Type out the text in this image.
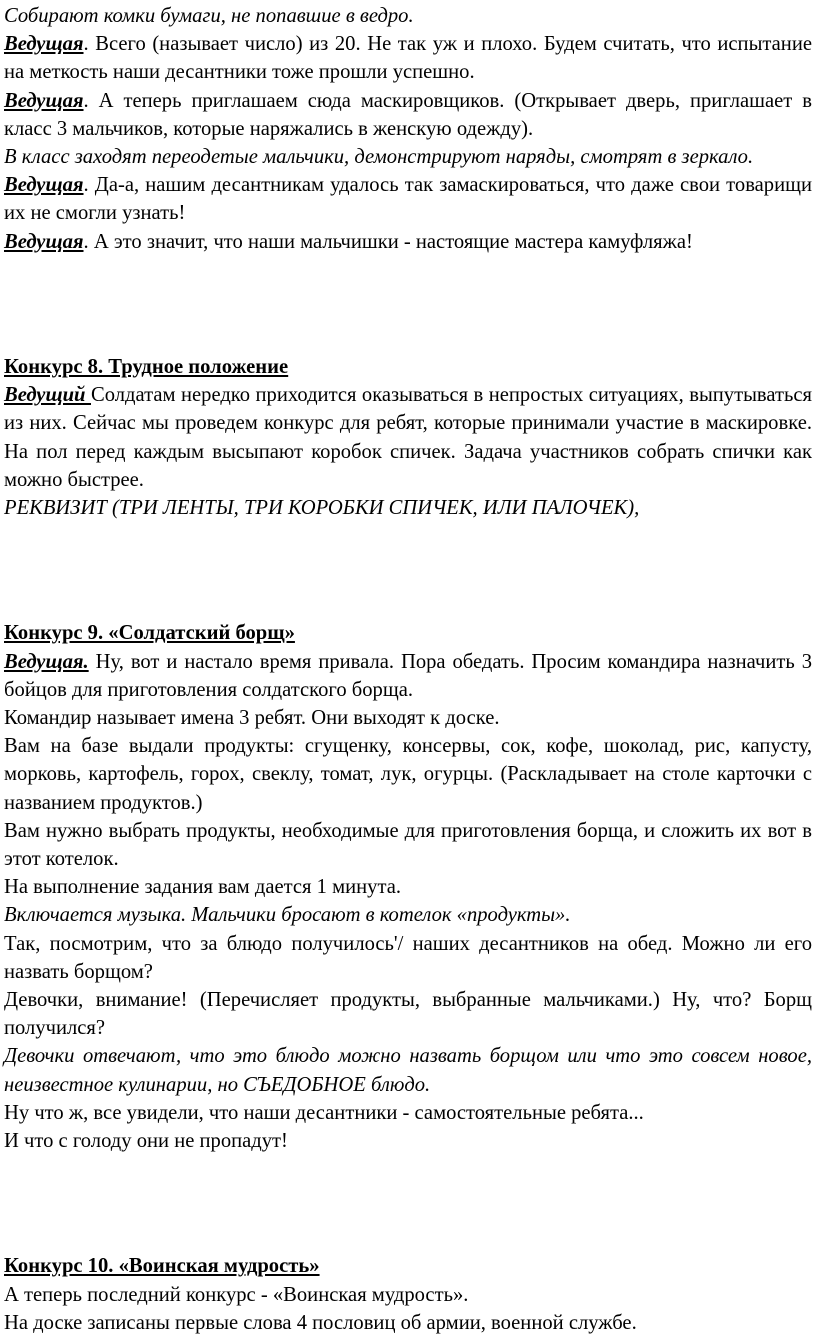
Собирают комки бумаги, не попавшие в ведро.

Ведущая. Всего (называет число) из 20. Не так уж и плохо. Будем считать, что испытание на меткость наши десантники тоже прошли успешно.

Ведущая. А теперь приглашаем сюда маскировщиков. (Открывает дверь, приглашает в класс 3 мальчиков, которые наряжались в женскую одежду).

В класс заходят переодетые мальчики, демонстрируют наряды, смотрят в зеркало.

Ведущая. Да-а, нашим десантникам удалось так замаскироваться, что даже свои товарищи их не смогли узнать!

Ведущая. А это значит, что наши мальчишки - настоящие мастера камуфляжа!

Конкурс 8. Трудное положение

Ведущий Солдатам нередко приходится оказываться в непростых ситуациях, выпутываться из них. Сейчас мы проведем конкурс для ребят, которые принимали участие в маскировке. На пол перед каждым высыпают коробок спичек. Задача участников собрать спички как можно быстрее.

РЕКВИЗИТ (ТРИ ЛЕНТЫ, ТРИ КОРОБКИ СПИЧЕК, ИЛИ ПАЛОЧЕК),

Конкурс 9. «Солдатский борщ»

Ведущая. Ну, вот и настало время привала. Пора обедать. Просим командира назначить 3 бойцов для приготовления солдатского борща.

Командир называет имена 3 ребят. Они выходят к доске.

Вам на базе выдали продукты: сгущенку, консервы, сок, кофе, шоколад, рис, капусту, морковь, картофель, горох, свеклу, томат, лук, огурцы. (Раскладывает на столе карточки с названием продуктов.)

Вам нужно выбрать продукты, необходимые для приготовления борща, и сложить их вот в этот котелок.

На выполнение задания вам дается 1 минута.

Включается музыка. Мальчики бросают в котелок «продукты».

Так, посмотрим, что за блюдо получилось'/ наших десантников на обед. Можно ли его назвать борщом?

Девочки, внимание! (Перечисляет продукты, выбранные мальчиками.) Ну, что? Борщ получился?

Девочки отвечают, что это блюдо можно назвать борщом или что это совсем новое, неизвестное кулинарии, но СЪЕДОБНОЕ блюдо.

Ну что ж, все увидели, что наши десантники - самостоятельные ребята...

И что с голоду они не пропадут!

Конкурс 10. «Воинская мудрость»

А теперь последний конкурс - «Воинская мудрость».

На доске записаны первые слова 4 пословиц об армии, военной службе.
